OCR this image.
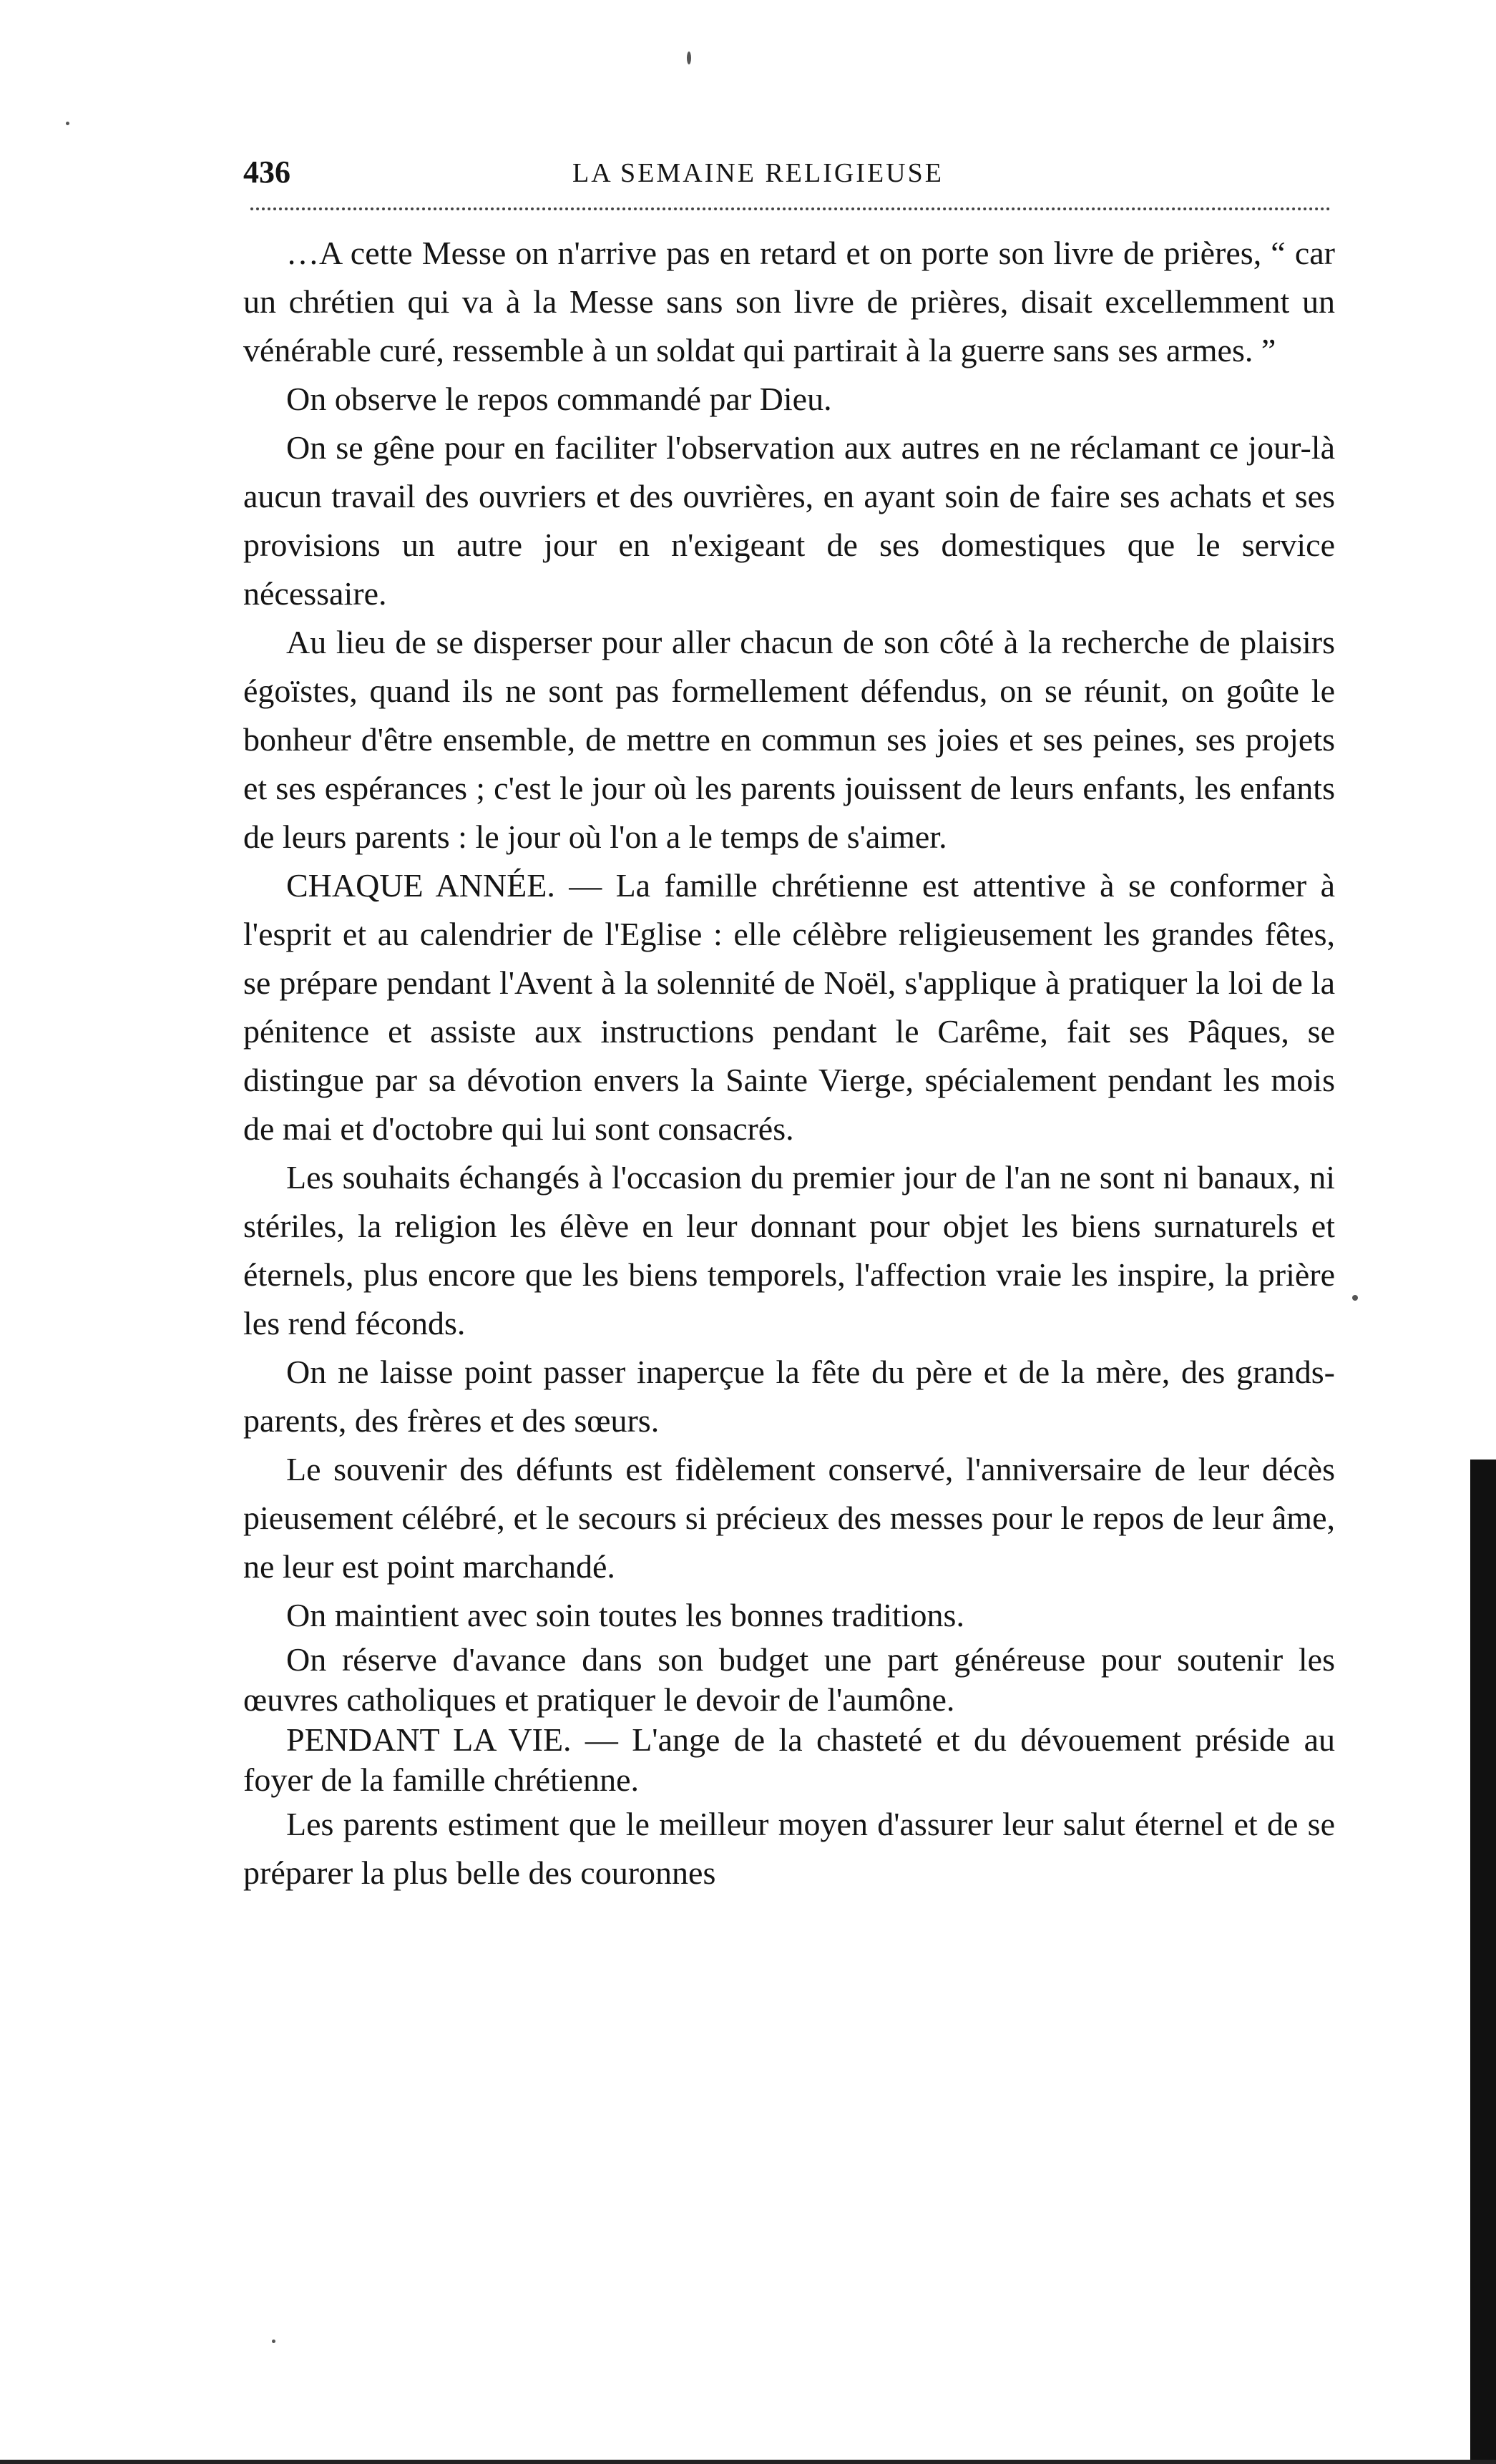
436	LA SEMAINE RELIGIEUSE

…A cette Messe on n'arrive pas en retard et on porte son livre de prières, “ car un chrétien qui va à la Messe sans son livre de prières, disait excellemment un vénérable curé, ressemble à un soldat qui partirait à la guerre sans ses armes. ”

On observe le repos commandé par Dieu.

On se gêne pour en faciliter l'observation aux autres en ne réclamant ce jour-là aucun travail des ouvriers et des ouvrières, en ayant soin de faire ses achats et ses provisions un autre jour en n'exigeant de ses domestiques que le service nécessaire.

Au lieu de se disperser pour aller chacun de son côté à la recherche de plaisirs égoïstes, quand ils ne sont pas formellement défendus, on se réunit, on goûte le bonheur d'être ensemble, de mettre en commun ses joies et ses peines, ses projets et ses espérances ; c'est le jour où les parents jouissent de leurs enfants, les enfants de leurs parents : le jour où l'on a le temps de s'aimer.

CHAQUE ANNÉE. — La famille chrétienne est attentive à se conformer à l'esprit et au calendrier de l'Eglise : elle célèbre religieusement les grandes fêtes, se prépare pendant l'Avent à la solennité de Noël, s'applique à pratiquer la loi de la pénitence et assiste aux instructions pendant le Carême, fait ses Pâques, se distingue par sa dévotion envers la Sainte Vierge, spécialement pendant les mois de mai et d'octobre qui lui sont consacrés.

Les souhaits échangés à l'occasion du premier jour de l'an ne sont ni banaux, ni stériles, la religion les élève en leur donnant pour objet les biens surnaturels et éternels, plus encore que les biens temporels, l'affection vraie les inspire, la prière les rend féconds.

On ne laisse point passer inaperçue la fête du père et de la mère, des grands-parents, des frères et des sœurs.

Le souvenir des défunts est fidèlement conservé, l'anniversaire de leur décès pieusement célébré, et le secours si précieux des messes pour le repos de leur âme, ne leur est point marchandé.

On maintient avec soin toutes les bonnes traditions.

On réserve d'avance dans son budget une part généreuse pour soutenir les œuvres catholiques et pratiquer le devoir de l'aumône.

PENDANT LA VIE. — L'ange de la chasteté et du dévouement préside au foyer de la famille chrétienne.

Les parents estiment que le meilleur moyen d'assurer leur salut éternel et de se préparer la plus belle des couronnes
